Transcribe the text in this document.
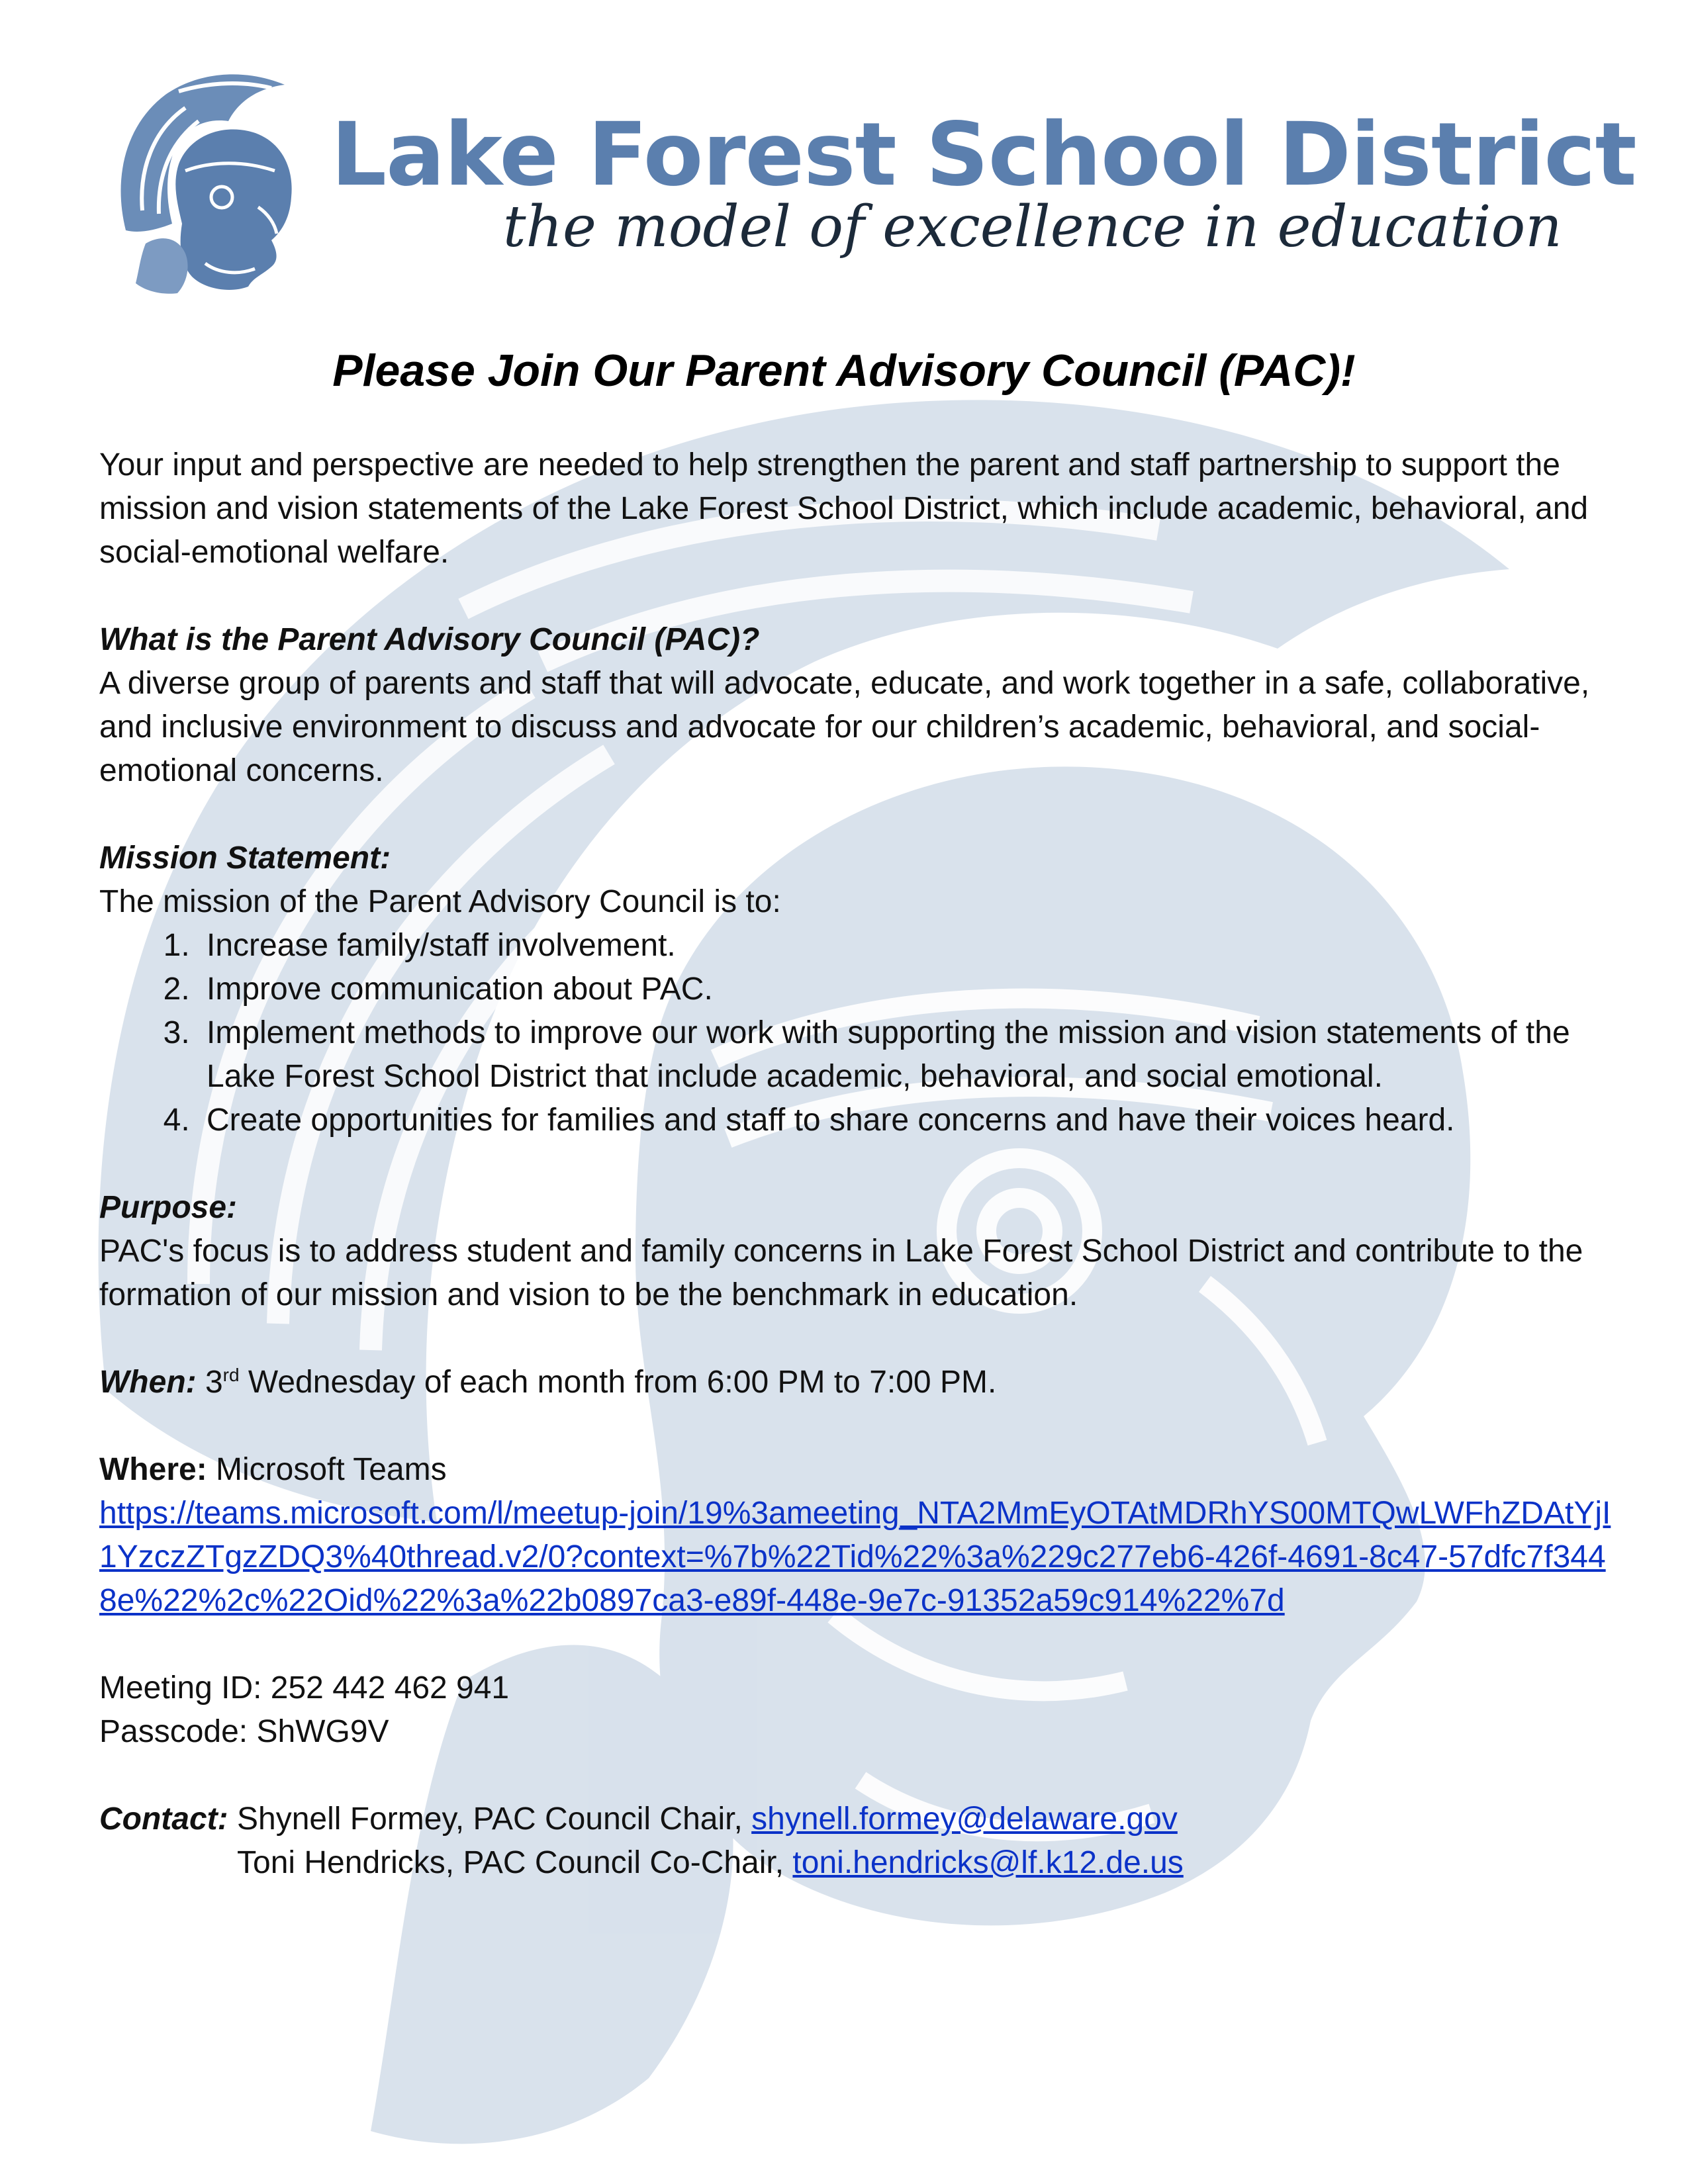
Lake Forest School District
the model of excellence in education
Please Join Our Parent Advisory Council (PAC)!

Your input and perspective are needed to help strengthen the parent and staff partnership to support the mission and vision statements of the Lake Forest School District, which include academic, behavioral, and social-emotional welfare.

What is the Parent Advisory Council (PAC)?
A diverse group of parents and staff that will advocate, educate, and work together in a safe, collaborative, and inclusive environment to discuss and advocate for our children’s academic, behavioral, and social-emotional concerns.

Mission Statement:
The mission of the Parent Advisory Council is to:
1. Increase family/staff involvement.
2. Improve communication about PAC.
3. Implement methods to improve our work with supporting the mission and vision statements of the Lake Forest School District that include academic, behavioral, and social emotional.
4. Create opportunities for families and staff to share concerns and have their voices heard.

Purpose:
PAC's focus is to address student and family concerns in Lake Forest School District and contribute to the formation of our mission and vision to be the benchmark in education.

When: 3rd Wednesday of each month from 6:00 PM to 7:00 PM.

Where: Microsoft Teams
https://teams.microsoft.com/l/meetup-join/19%3ameeting_NTA2MmEyOTAtMDRhYS00MTQwLWFhZDAtYjI1YzczZTgzZDQ3%40thread.v2/0?context=%7b%22Tid%22%3a%229c277eb6-426f-4691-8c47-57dfc7f3448e%22%2c%22Oid%22%3a%22b0897ca3-e89f-448e-9e7c-91352a59c914%22%7d

Meeting ID: 252 442 462 941
Passcode: ShWG9V

Contact: Shynell Formey, PAC Council Chair, shynell.formey@delaware.gov
Toni Hendricks, PAC Council Co-Chair, toni.hendricks@lf.k12.de.us
